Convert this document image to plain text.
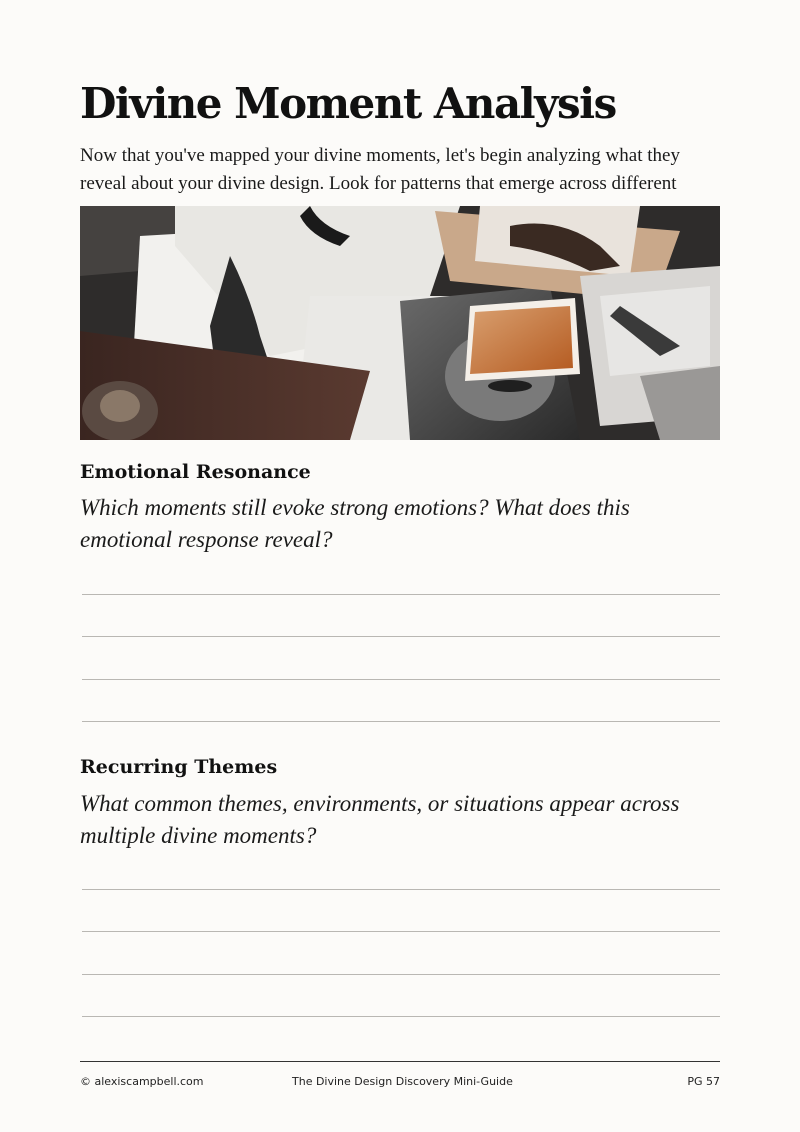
Divine Moment Analysis

Now that you've mapped your divine moments, let's begin analyzing what they reveal about your divine design. Look for patterns that emerge across different

Emotional Resonance

Which moments still evoke strong emotions? What does this emotional response reveal?

Recurring Themes

What common themes, environments, or situations appear across multiple divine moments?

© alexiscampbell.com	The Divine Design Discovery Mini-Guide	PG 57
